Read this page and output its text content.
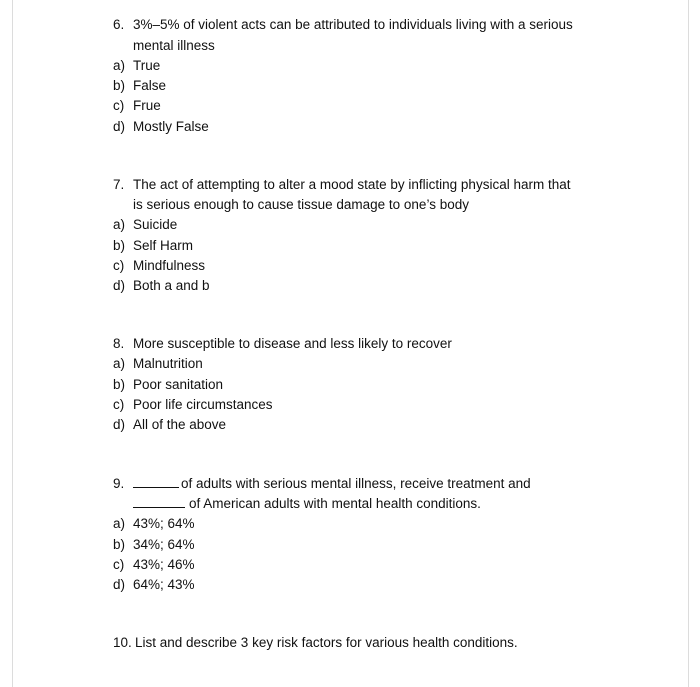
6. 3%–5% of violent acts can be attributed to individuals living with a serious
mental illness
a) True
b) False
c) Frue
d) Mostly False
7. The act of attempting to alter a mood state by inflicting physical harm that
is serious enough to cause tissue damage to one’s body
a) Suicide
b) Self Harm
c) Mindfulness
d) Both a and b
8. More susceptible to disease and less likely to recover
a) Malnutrition
b) Poor sanitation
c) Poor life circumstances
d) All of the above
9.	of adults with serious mental illness, receive treatment and
of American adults with mental health conditions.
a) 43%; 64%
b) 34%; 64%
c) 43%; 46%
d) 64%; 43%
10. List and describe 3 key risk factors for various health conditions.
